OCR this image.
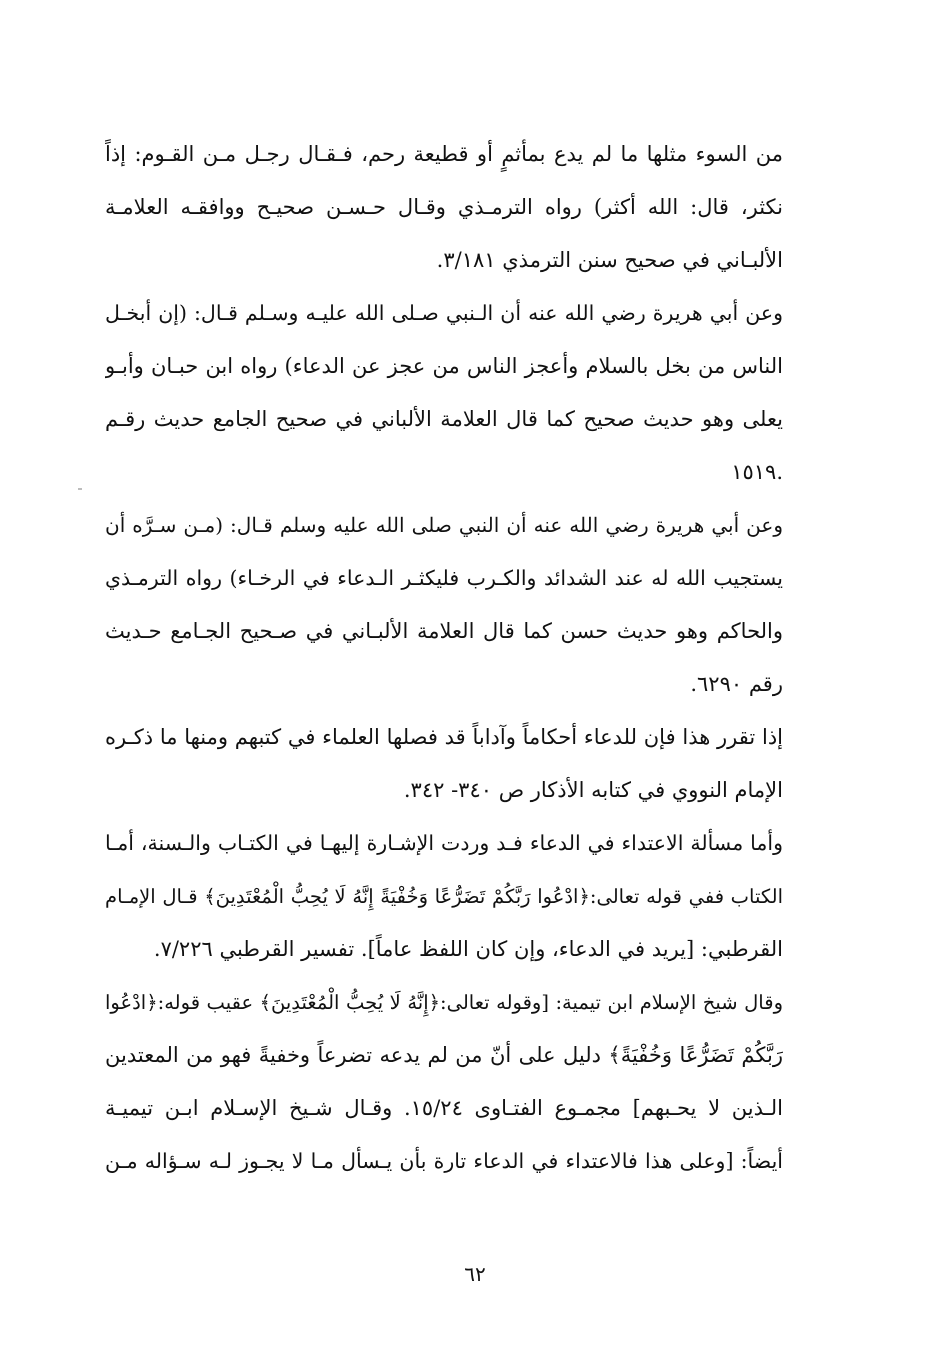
من السوء مثلها ما لم يدع بمأثمٍ أو قطيعة رحم، فـقـال رجـل مـن القـوم: إذاً
نكثر، قال: الله أكثر) رواه الترمـذي وقـال حـسـن صحيـح ووافقـه العلامـة
الألبـاني في صحيح سنن الترمذي ٣/١٨١.
وعن أبي هريرة رضي الله عنه أن الـنبي صـلى الله عليـه وسـلم قـال: (إن أبخـل
الناس من بخل بالسلام وأعجز الناس من عجز عن الدعاء) رواه ابن حبـان وأبـو
يعلى وهو حديث صحيح كما قال العلامة الألباني في صحيح الجامع حديث رقـم
.١٥١٩
وعن أبي هريرة رضي الله عنه أن النبي صلى الله عليه وسلم قـال: (مـن سـرَّه أن
يستجيب الله له عند الشدائد والكـرب فليكثـر الـدعاء في الرخـاء) رواه الترمـذي
والحاكم وهو حديث حسن كما قال العلامة الألبـاني في صـحيح الجـامع حـديث
رقم ٦٢٩٠.
إذا تقرر هذا فإن للدعاء أحكاماً وآداباً قد فصلها العلماء في كتبهم ومنها ما ذكـره
الإمام النووي في كتابه الأذكار ص ٣٤٠- ٣٤٢.
وأما مسألة الاعتداء في الدعاء فـد وردت الإشـارة إليهـا في الكتـاب والـسنة، أمـا
الكتاب ففي قوله تعالى:﴿ادْعُوا رَبَّكُمْ تَضَرُّعًا وَخُفْيَةً إِنَّهُ لَا يُحِبُّ الْمُعْتَدِينَ﴾ قـال الإمـام
القرطبي: [يريد في الدعاء، وإن كان اللفظ عاماً]. تفسير القرطبي ٧/٢٢٦.
وقال شيخ الإسلام ابن تيمية: [وقوله تعالى:﴿إِنَّهُ لَا يُحِبُّ الْمُعْتَدِينَ﴾ عقيب قوله:﴿ادْعُوا
رَبَّكُمْ تَضَرُّعًا وَخُفْيَةً﴾ دليل على أنّ من لم يدعه تضرعاً وخفيةً فهو من المعتدين
الـذين لا يحـبهم] مجمـوع الفتـاوى ١٥/٢٤. وقـال شـيخ الإسـلام ابـن تيميـة
أيضاً: [وعلى هذا فالاعتداء في الدعاء تارة بأن يـسأل مـا لا يجـوز لـه سـؤاله مـن
٦٢
